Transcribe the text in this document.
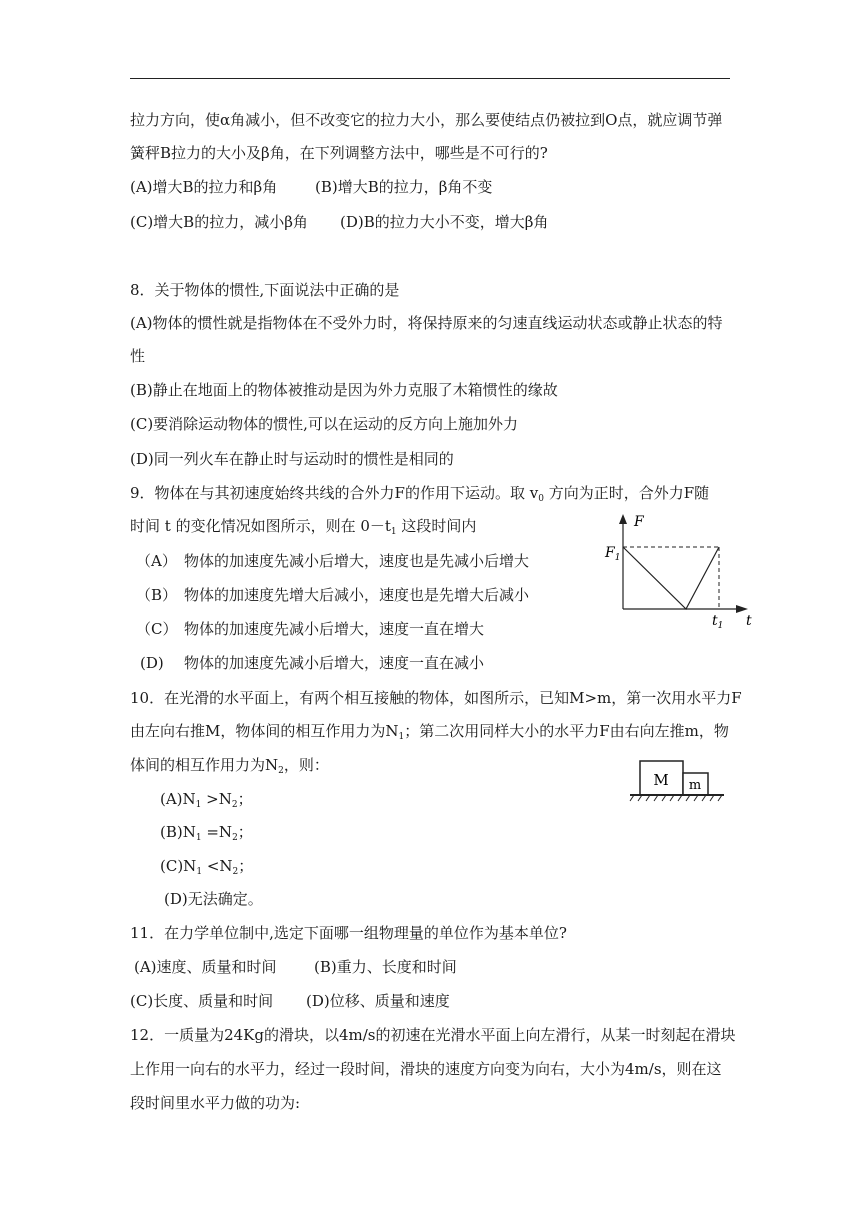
拉力方向，使α角减小，但不改变它的拉力大小，那么要使结点仍被拉到O点，就应调节弹
簧秤B拉力的大小及β角，在下列调整方法中，哪些是不可行的?
(A)增大B的拉力和β角	(B)增大B的拉力，β角不变
(C)增大B的拉力，减小β角 (D)B的拉力大小不变，增大β角
8．关于物体的惯性,下面说法中正确的是
(A)物体的惯性就是指物体在不受外力时，将保持原来的匀速直线运动状态或静止状态的特
性
(B)静止在地面上的物体被推动是因为外力克服了木箱惯性的缘故
(C)要消除运动物体的惯性,可以在运动的反方向上施加外力
(D)同一列火车在静止时与运动时的惯性是相同的
9．物体在与其初速度始终共线的合外力F的作用下运动。取 $v_0$ 方向为正时，合外力F随
时间 t 的变化情况如图所示，则在 $0-t_1$ 这段时间内
（A） 物体的加速度先减小后增大，速度也是先减小后增大
（B） 物体的加速度先增大后减小，速度也是先增大后减小
（C） 物体的加速度先减小后增大，速度一直在增大
(D) 物体的加速度先减小后增大，速度一直在减小
F
t
$F_1$
$t_1$
10．在光滑的水平面上，有两个相互接触的物体，如图所示，已知M>m，第一次用水平力F
由左向右推M，物体间的相互作用力为$N_1$；第二次用同样大小的水平力F由右向左推m，物
体间的相互作用力为$N_2$，则：
$(A)N_1 >N_2$；
$(B)N_1 =N_2$；
$(C)N_1 <N_2$；
(D)无法确定。
M m
11．在力学单位制中,选定下面哪一组物理量的单位作为基本单位?
(A)速度、质量和时间 (B)重力、长度和时间
(C)长度、质量和时间 (D)位移、质量和速度
12．一质量为24Kg的滑块，以4m/s的初速在光滑水平面上向左滑行，从某一时刻起在滑块
上作用一向右的水平力，经过一段时间，滑块的速度方向变为向右，大小为4m/s，则在这
段时间里水平力做的功为:
